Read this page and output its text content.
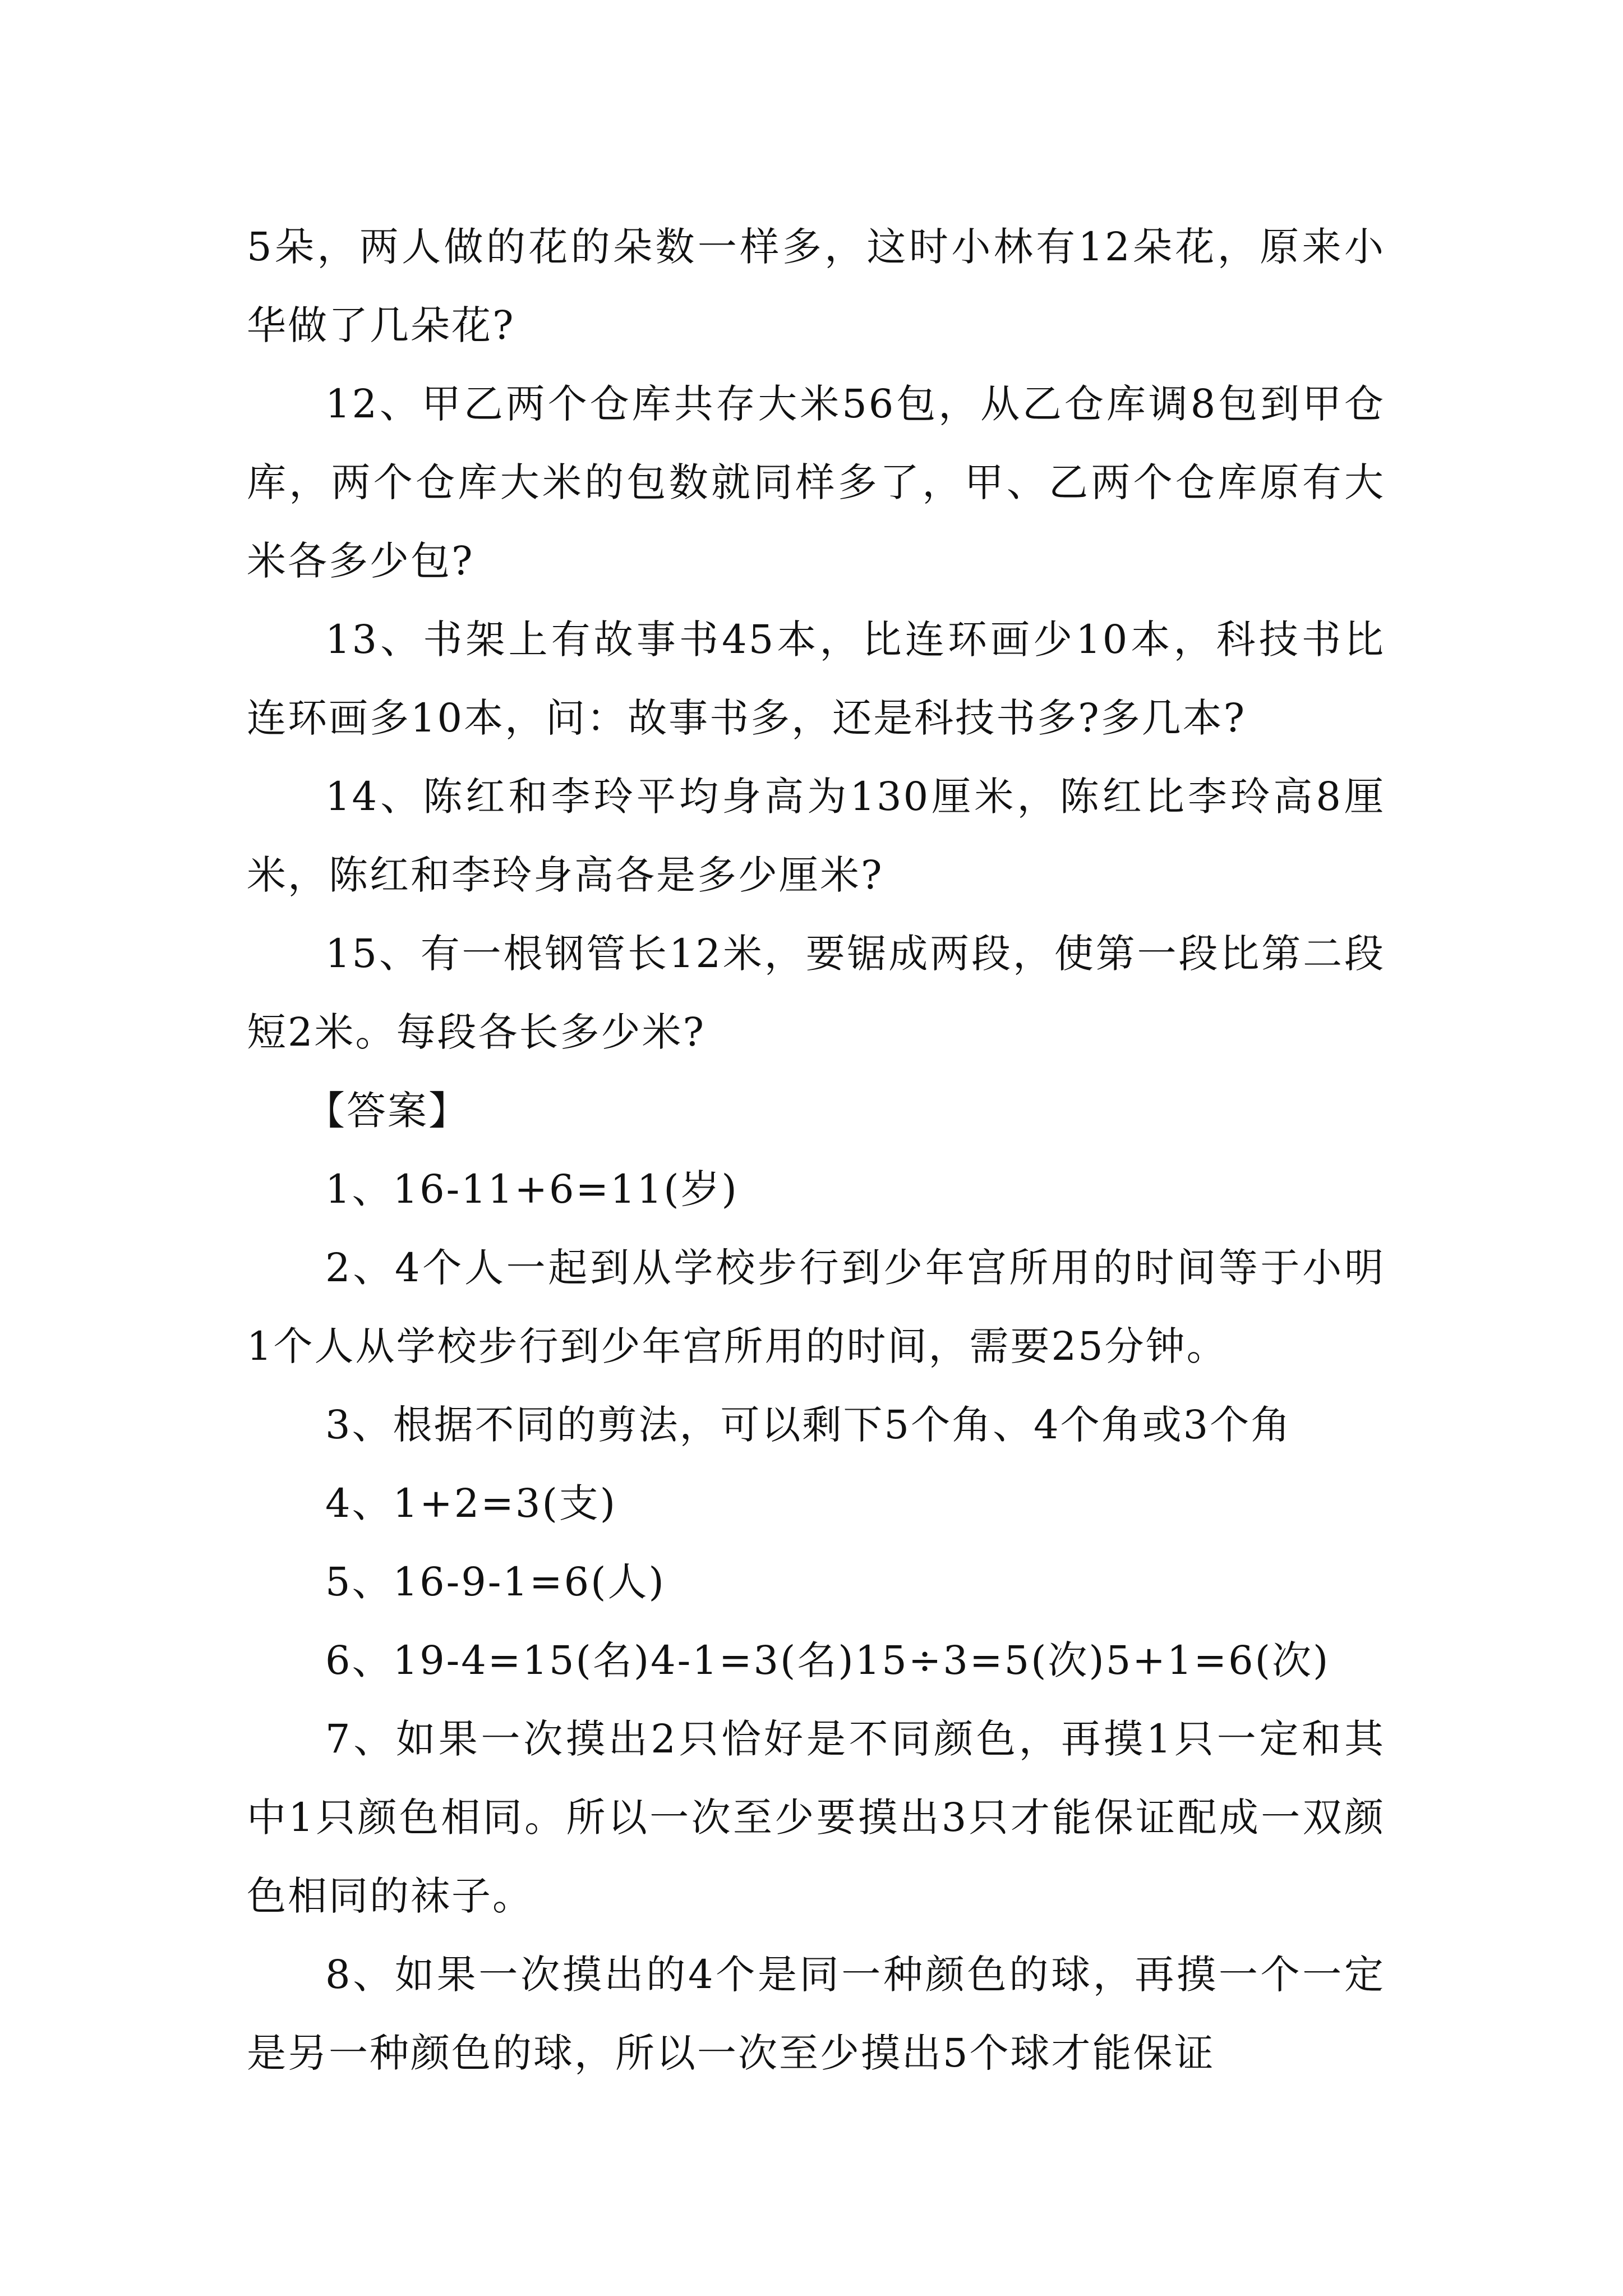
5朵，两人做的花的朵数一样多，这时小林有12朵花，原来小华做了几朵花?

12、甲乙两个仓库共存大米56包，从乙仓库调8包到甲仓库，两个仓库大米的包数就同样多了，甲、乙两个仓库原有大米各多少包?

13、书架上有故事书45本，比连环画少10本，科技书比连环画多10本，问：故事书多，还是科技书多?多几本?

14、陈红和李玲平均身高为130厘米，陈红比李玲高8厘米，陈红和李玲身高各是多少厘米?

15、有一根钢管长12米，要锯成两段，使第一段比第二段短2米。每段各长多少米?

【答案】

1、16-11+6=11(岁)

2、4个人一起到从学校步行到少年宫所用的时间等于小明1个人从学校步行到少年宫所用的时间，需要25分钟。

3、根据不同的剪法，可以剩下5个角、4个角或3个角

4、1+2=3(支)

5、16-9-1=6(人)

6、19-4=15(名)4-1=3(名)15÷3=5(次)5+1=6(次)

7、如果一次摸出2只恰好是不同颜色，再摸1只一定和其中1只颜色相同。所以一次至少要摸出3只才能保证配成一双颜色相同的袜子。

8、如果一次摸出的4个是同一种颜色的球，再摸一个一定是另一种颜色的球，所以一次至少摸出5个球才能保证
